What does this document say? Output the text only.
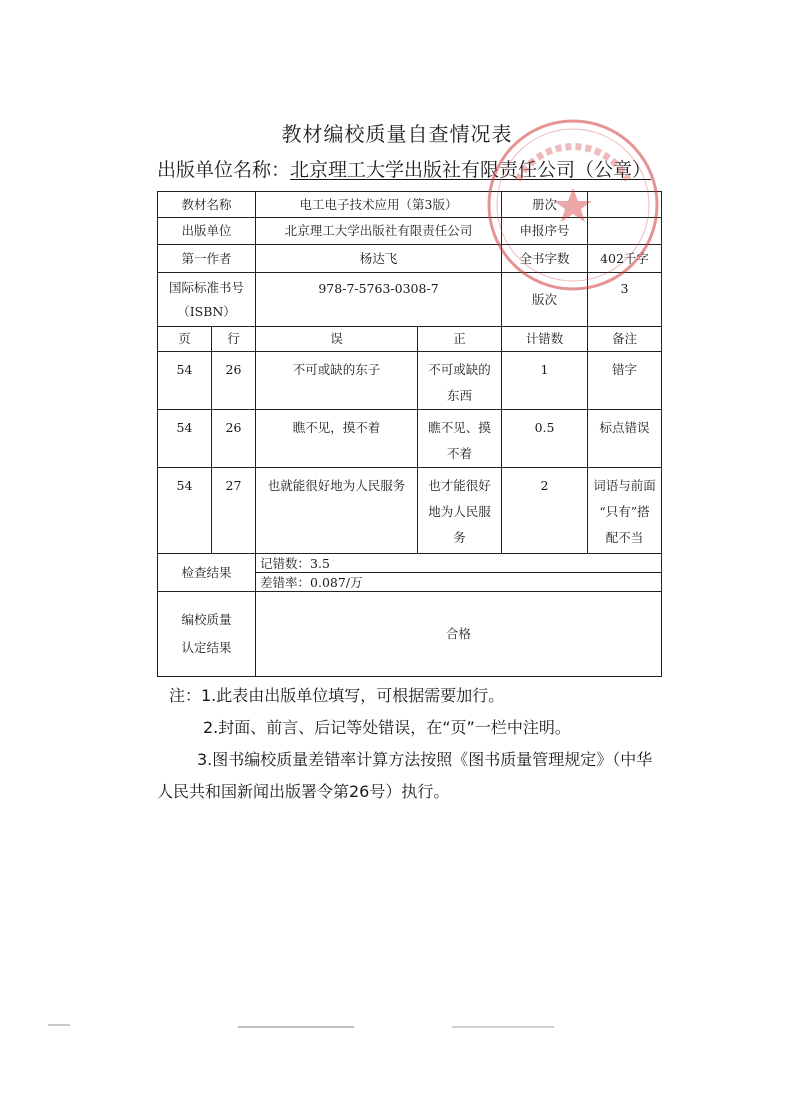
教材编校质量自查情况表
出版单位名称：北京理工大学出版社有限责任公司（公章）
教材名称		电工电子技术应用（第3版）		册次	
出版单位		北京理工大学出版社有限责任公司		申报序号	
第一作者		杨达飞		全书字数	402千字

国际标准书号
（ISBN）		978-7-5763-0308-7		版次	3
页	行	误	正	计错数	备注
54	26	不可或缺的东子	不可或缺的
东西	1	错字

54	26	瞧不见，摸不着	瞧不见、摸
不着	0.5	标点错误

54	27	也就能很好地为人民服务	也才能很好
地为人民服
务	2	词语与前面
“只有”搭
配不当

检查结果		记错数：3.5			
		差错率：0.087/万			

编校质量
认定结果		合格			

注：1.此表由出版单位填写，可根据需要加行。

2.封面、前言、后记等处错误，在“页”一栏中注明。

3.图书编校质量差错率计算方法按照《图书质量管理规定》（中华人民共和国新闻出版署令第26号）执行。
